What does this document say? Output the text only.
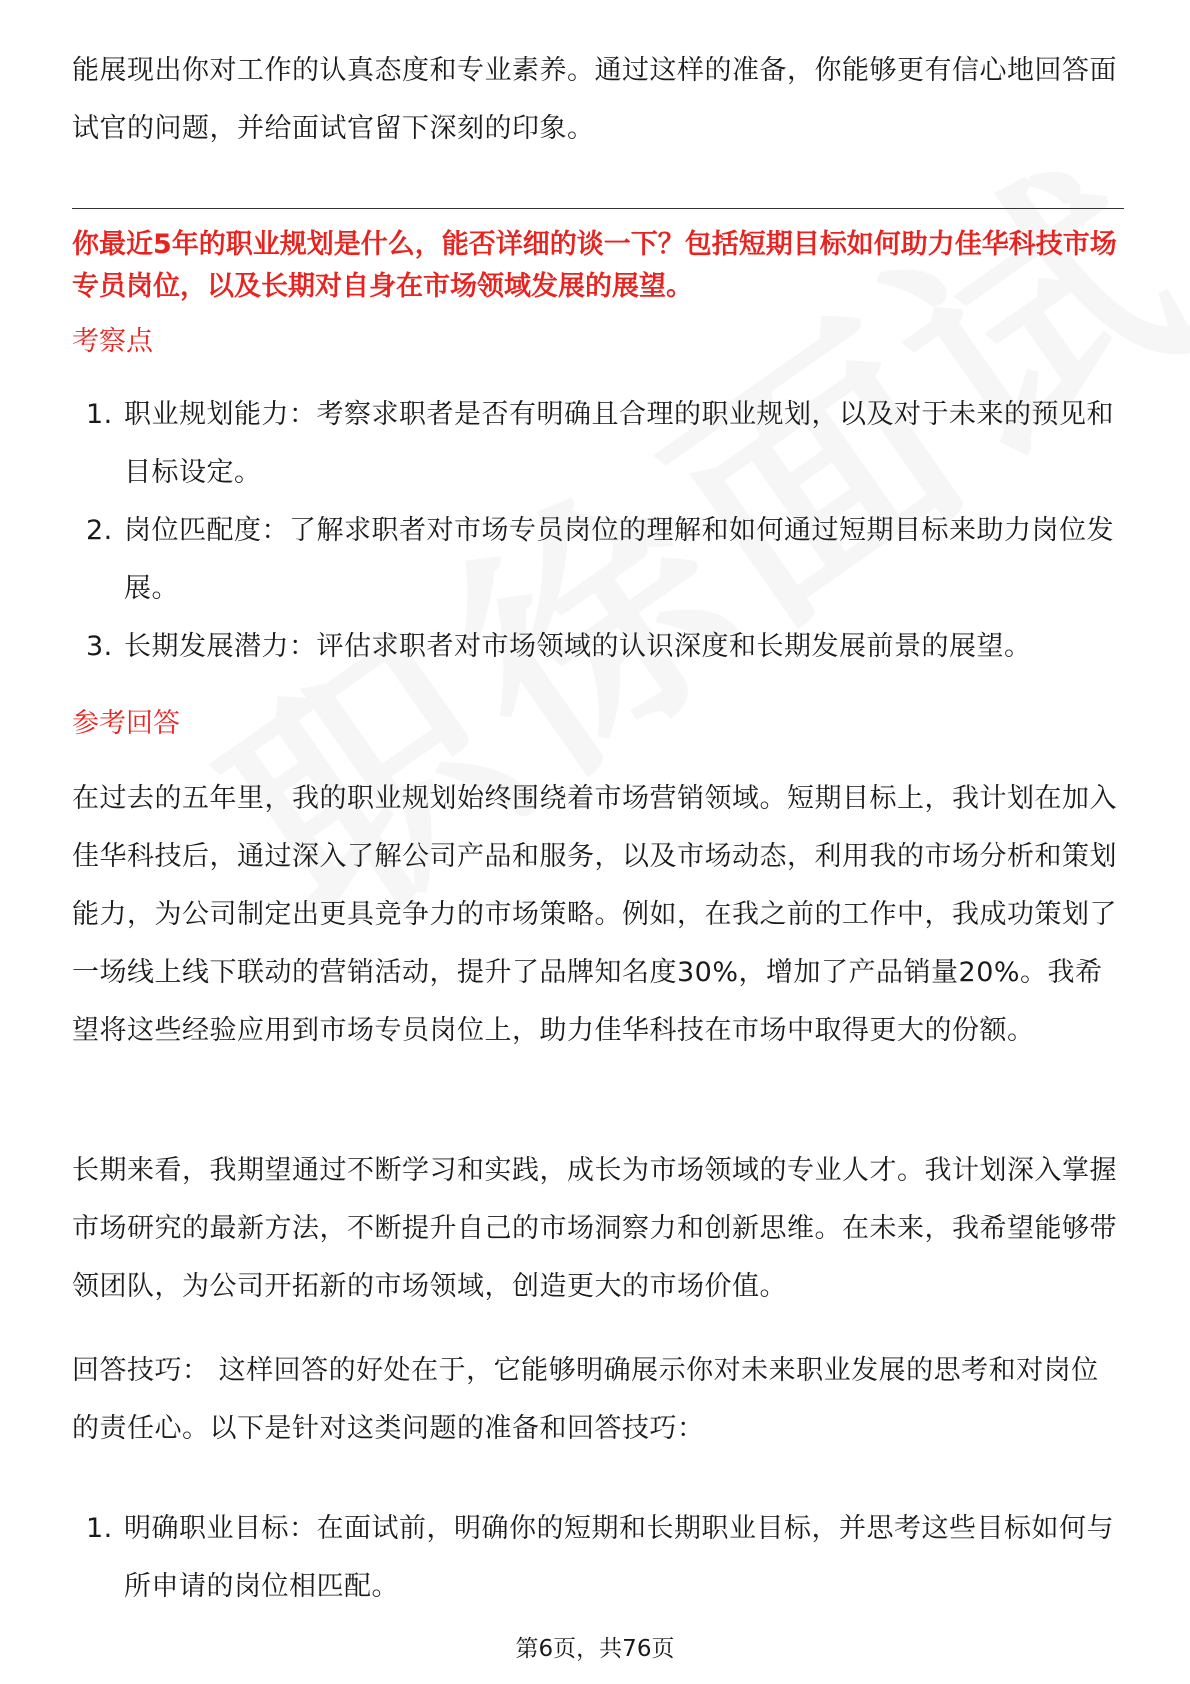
能展现出你对工作的认真态度和专业素养。通过这样的准备，你能够更有信心地回答面试官的问题，并给面试官留下深刻的印象。

你最近5年的职业规划是什么，能否详细的谈一下？包括短期目标如何助力佳华科技市场专员岗位，以及长期对自身在市场领域发展的展望。

考察点

1. 职业规划能力：考察求职者是否有明确且合理的职业规划，以及对于未来的预见和目标设定。
2. 岗位匹配度：了解求职者对市场专员岗位的理解和如何通过短期目标来助力岗位发展。
3. 长期发展潜力：评估求职者对市场领域的认识深度和长期发展前景的展望。

参考回答

在过去的五年里，我的职业规划始终围绕着市场营销领域。短期目标上，我计划在加入佳华科技后，通过深入了解公司产品和服务，以及市场动态，利用我的市场分析和策划能力，为公司制定出更具竞争力的市场策略。例如，在我之前的工作中，我成功策划了一场线上线下联动的营销活动，提升了品牌知名度30%，增加了产品销量20%。我希望将这些经验应用到市场专员岗位上，助力佳华科技在市场中取得更大的份额。

长期来看，我期望通过不断学习和实践，成长为市场领域的专业人才。我计划深入掌握市场研究的最新方法，不断提升自己的市场洞察力和创新思维。在未来，我希望能够带领团队，为公司开拓新的市场领域，创造更大的市场价值。

回答技巧： 这样回答的好处在于，它能够明确展示你对未来职业发展的思考和对岗位的责任心。以下是针对这类问题的准备和回答技巧：

1. 明确职业目标：在面试前，明确你的短期和长期职业目标，并思考这些目标如何与所申请的岗位相匹配。
第6页，共76页
